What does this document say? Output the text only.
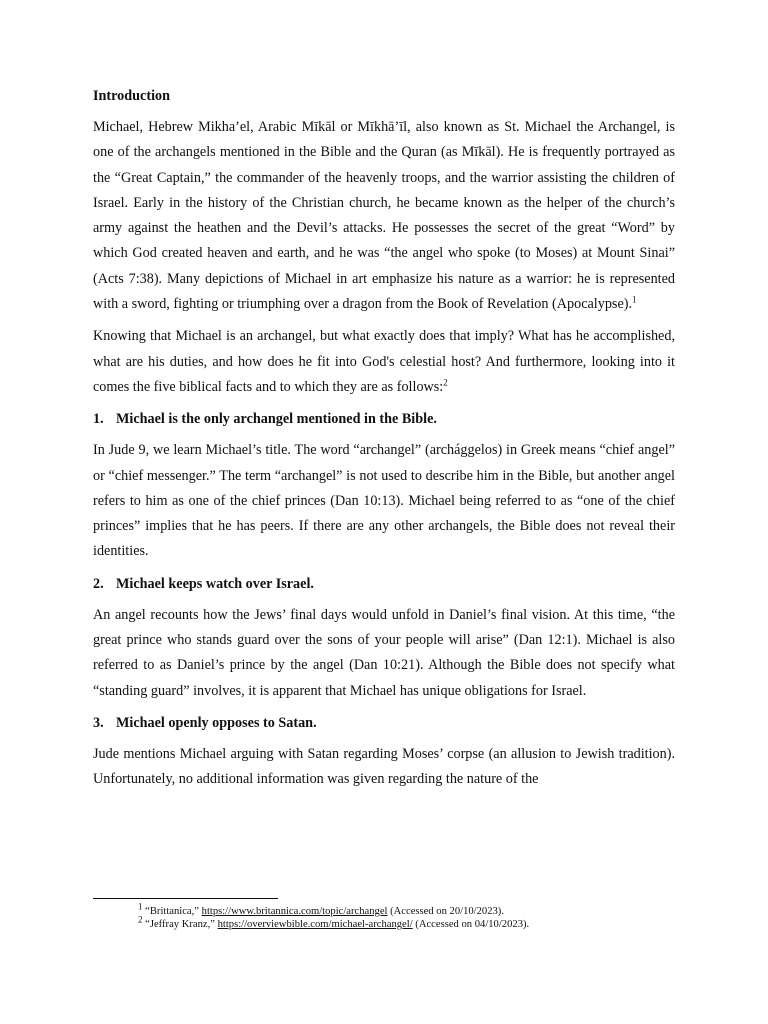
Introduction

Michael, Hebrew Mikha’el, Arabic Mīkāl or Mīkhā’īl, also known as St. Michael the Archangel, is one of the archangels mentioned in the Bible and the Quran (as Mīkāl). He is frequently portrayed as the “Great Captain,” the commander of the heavenly troops, and the warrior assisting the children of Israel. Early in the history of the Christian church, he became known as the helper of the church’s army against the heathen and the Devil’s attacks. He possesses the secret of the great “Word” by which God created heaven and earth, and he was “the angel who spoke (to Moses) at Mount Sinai” (Acts 7:38). Many depictions of Michael in art emphasize his nature as a warrior: he is represented with a sword, fighting or triumphing over a dragon from the Book of Revelation (Apocalypse).$^1$

Knowing that Michael is an archangel, but what exactly does that imply? What has he accomplished, what are his duties, and how does he fit into God's celestial host? And furthermore, looking into it comes the five biblical facts and to which they are as follows:$^2$

1. Michael is the only archangel mentioned in the Bible.

In Jude 9, we learn Michael’s title. The word “archangel” (archággelos) in Greek means “chief angel” or “chief messenger.” The term “archangel” is not used to describe him in the Bible, but another angel refers to him as one of the chief princes (Dan 10:13). Michael being referred to as “one of the chief princes” implies that he has peers. If there are any other archangels, the Bible does not reveal their identities.

2. Michael keeps watch over Israel.

An angel recounts how the Jews’ final days would unfold in Daniel’s final vision. At this time, “the great prince who stands guard over the sons of your people will arise” (Dan 12:1). Michael is also referred to as Daniel’s prince by the angel (Dan 10:21). Although the Bible does not specify what “standing guard” involves, it is apparent that Michael has unique obligations for Israel.

3. Michael openly opposes to Satan.

Jude mentions Michael arguing with Satan regarding Moses’ corpse (an allusion to Jewish tradition). Unfortunately, no additional information was given regarding the nature of the

$^1$ “Brittanica,” https://www.britannica.com/topic/archangel (Accessed on 20/10/2023).
$^2$ “Jeffray Kranz,” https://overviewbible.com/michael-archangel/ (Accessed on 04/10/2023).
